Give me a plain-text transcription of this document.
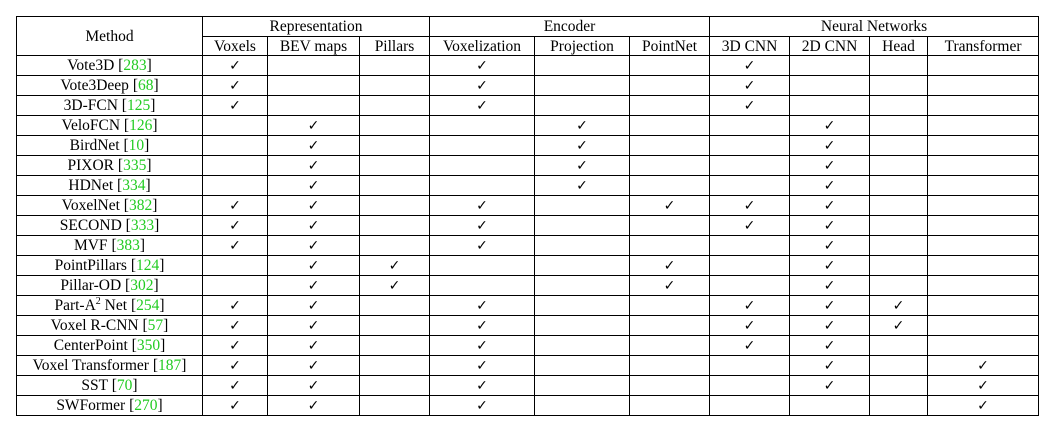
Method	Representation			Encoder			Neural Networks			
	Voxels	BEV maps	Pillars	Voxelization	Projection	PointNet	3D CNN	2D CNN	Head	Transformer
Vote3D [283]	✓			✓			✓			
Vote3Deep [68]	✓			✓			✓			
3D-FCN [125]	✓			✓			✓			
VeloFCN [126]		✓			✓			✓		
BirdNet [10]		✓			✓			✓		
PIXOR [335]		✓			✓			✓		
HDNet [334]		✓			✓			✓		
VoxelNet [382]	✓	✓		✓		✓	✓	✓		
SECOND [333]	✓	✓		✓			✓	✓		
MVF [383]	✓	✓		✓				✓		
PointPillars [124]		✓	✓			✓		✓		
Pillar-OD [302]		✓	✓			✓		✓		
Part-$A^2$ Net [254]	✓	✓		✓			✓	✓	✓	
Voxel R-CNN [57]	✓	✓		✓			✓	✓	✓	
CenterPoint [350]	✓	✓		✓			✓	✓		
Voxel Transformer [187]	✓	✓		✓				✓		✓
SST [70]	✓	✓		✓				✓		✓
SWFormer [270]	✓	✓		✓						✓
